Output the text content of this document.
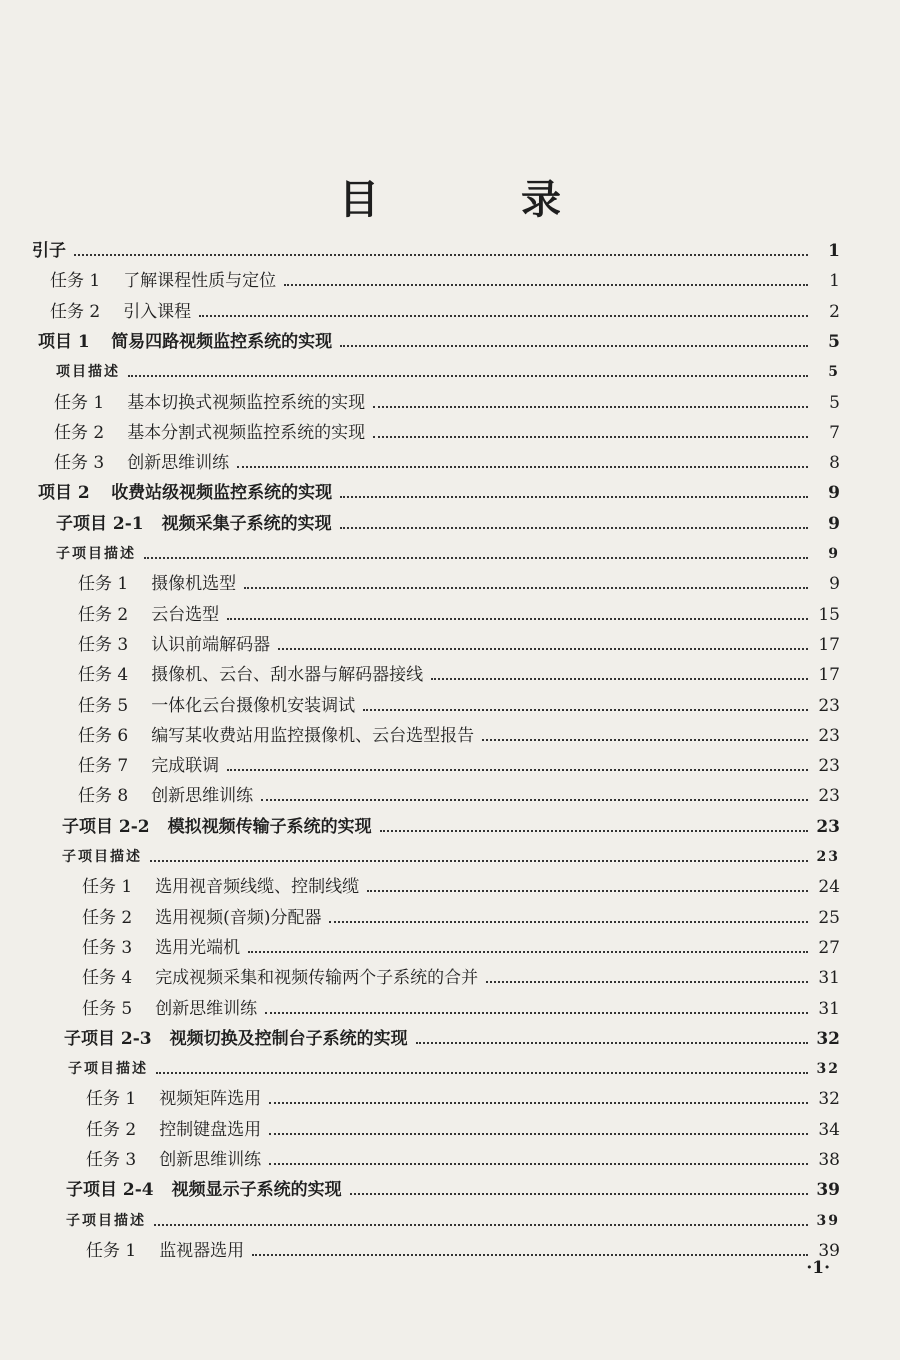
目 录
引子	1
任务 1 了解课程性质与定位	1
任务 2 引入课程	2
项目 1 简易四路视频监控系统的实现	5
项目描述	5
任务 1 基本切换式视频监控系统的实现	5
任务 2 基本分割式视频监控系统的实现	7
任务 3 创新思维训练	8
项目 2 收费站级视频监控系统的实现	9
子项目 2-1 视频采集子系统的实现	9
子项目描述	9
任务 1 摄像机选型	9
任务 2 云台选型	15
任务 3 认识前端解码器	17
任务 4 摄像机、云台、刮水器与解码器接线	17
任务 5 一体化云台摄像机安装调试	23
任务 6 编写某收费站用监控摄像机、云台选型报告	23
任务 7 完成联调	23
任务 8 创新思维训练	23
子项目 2-2 模拟视频传输子系统的实现	23
子项目描述	23
任务 1 选用视音频线缆、控制线缆	24
任务 2 选用视频(音频)分配器	25
任务 3 选用光端机	27
任务 4 完成视频采集和视频传输两个子系统的合并	31
任务 5 创新思维训练	31
子项目 2-3 视频切换及控制台子系统的实现	32
子项目描述	32
任务 1 视频矩阵选用	32
任务 2 控制键盘选用	34
任务 3 创新思维训练	38
子项目 2-4 视频显示子系统的实现	39
子项目描述	39
任务 1 监视器选用	39
·1·
